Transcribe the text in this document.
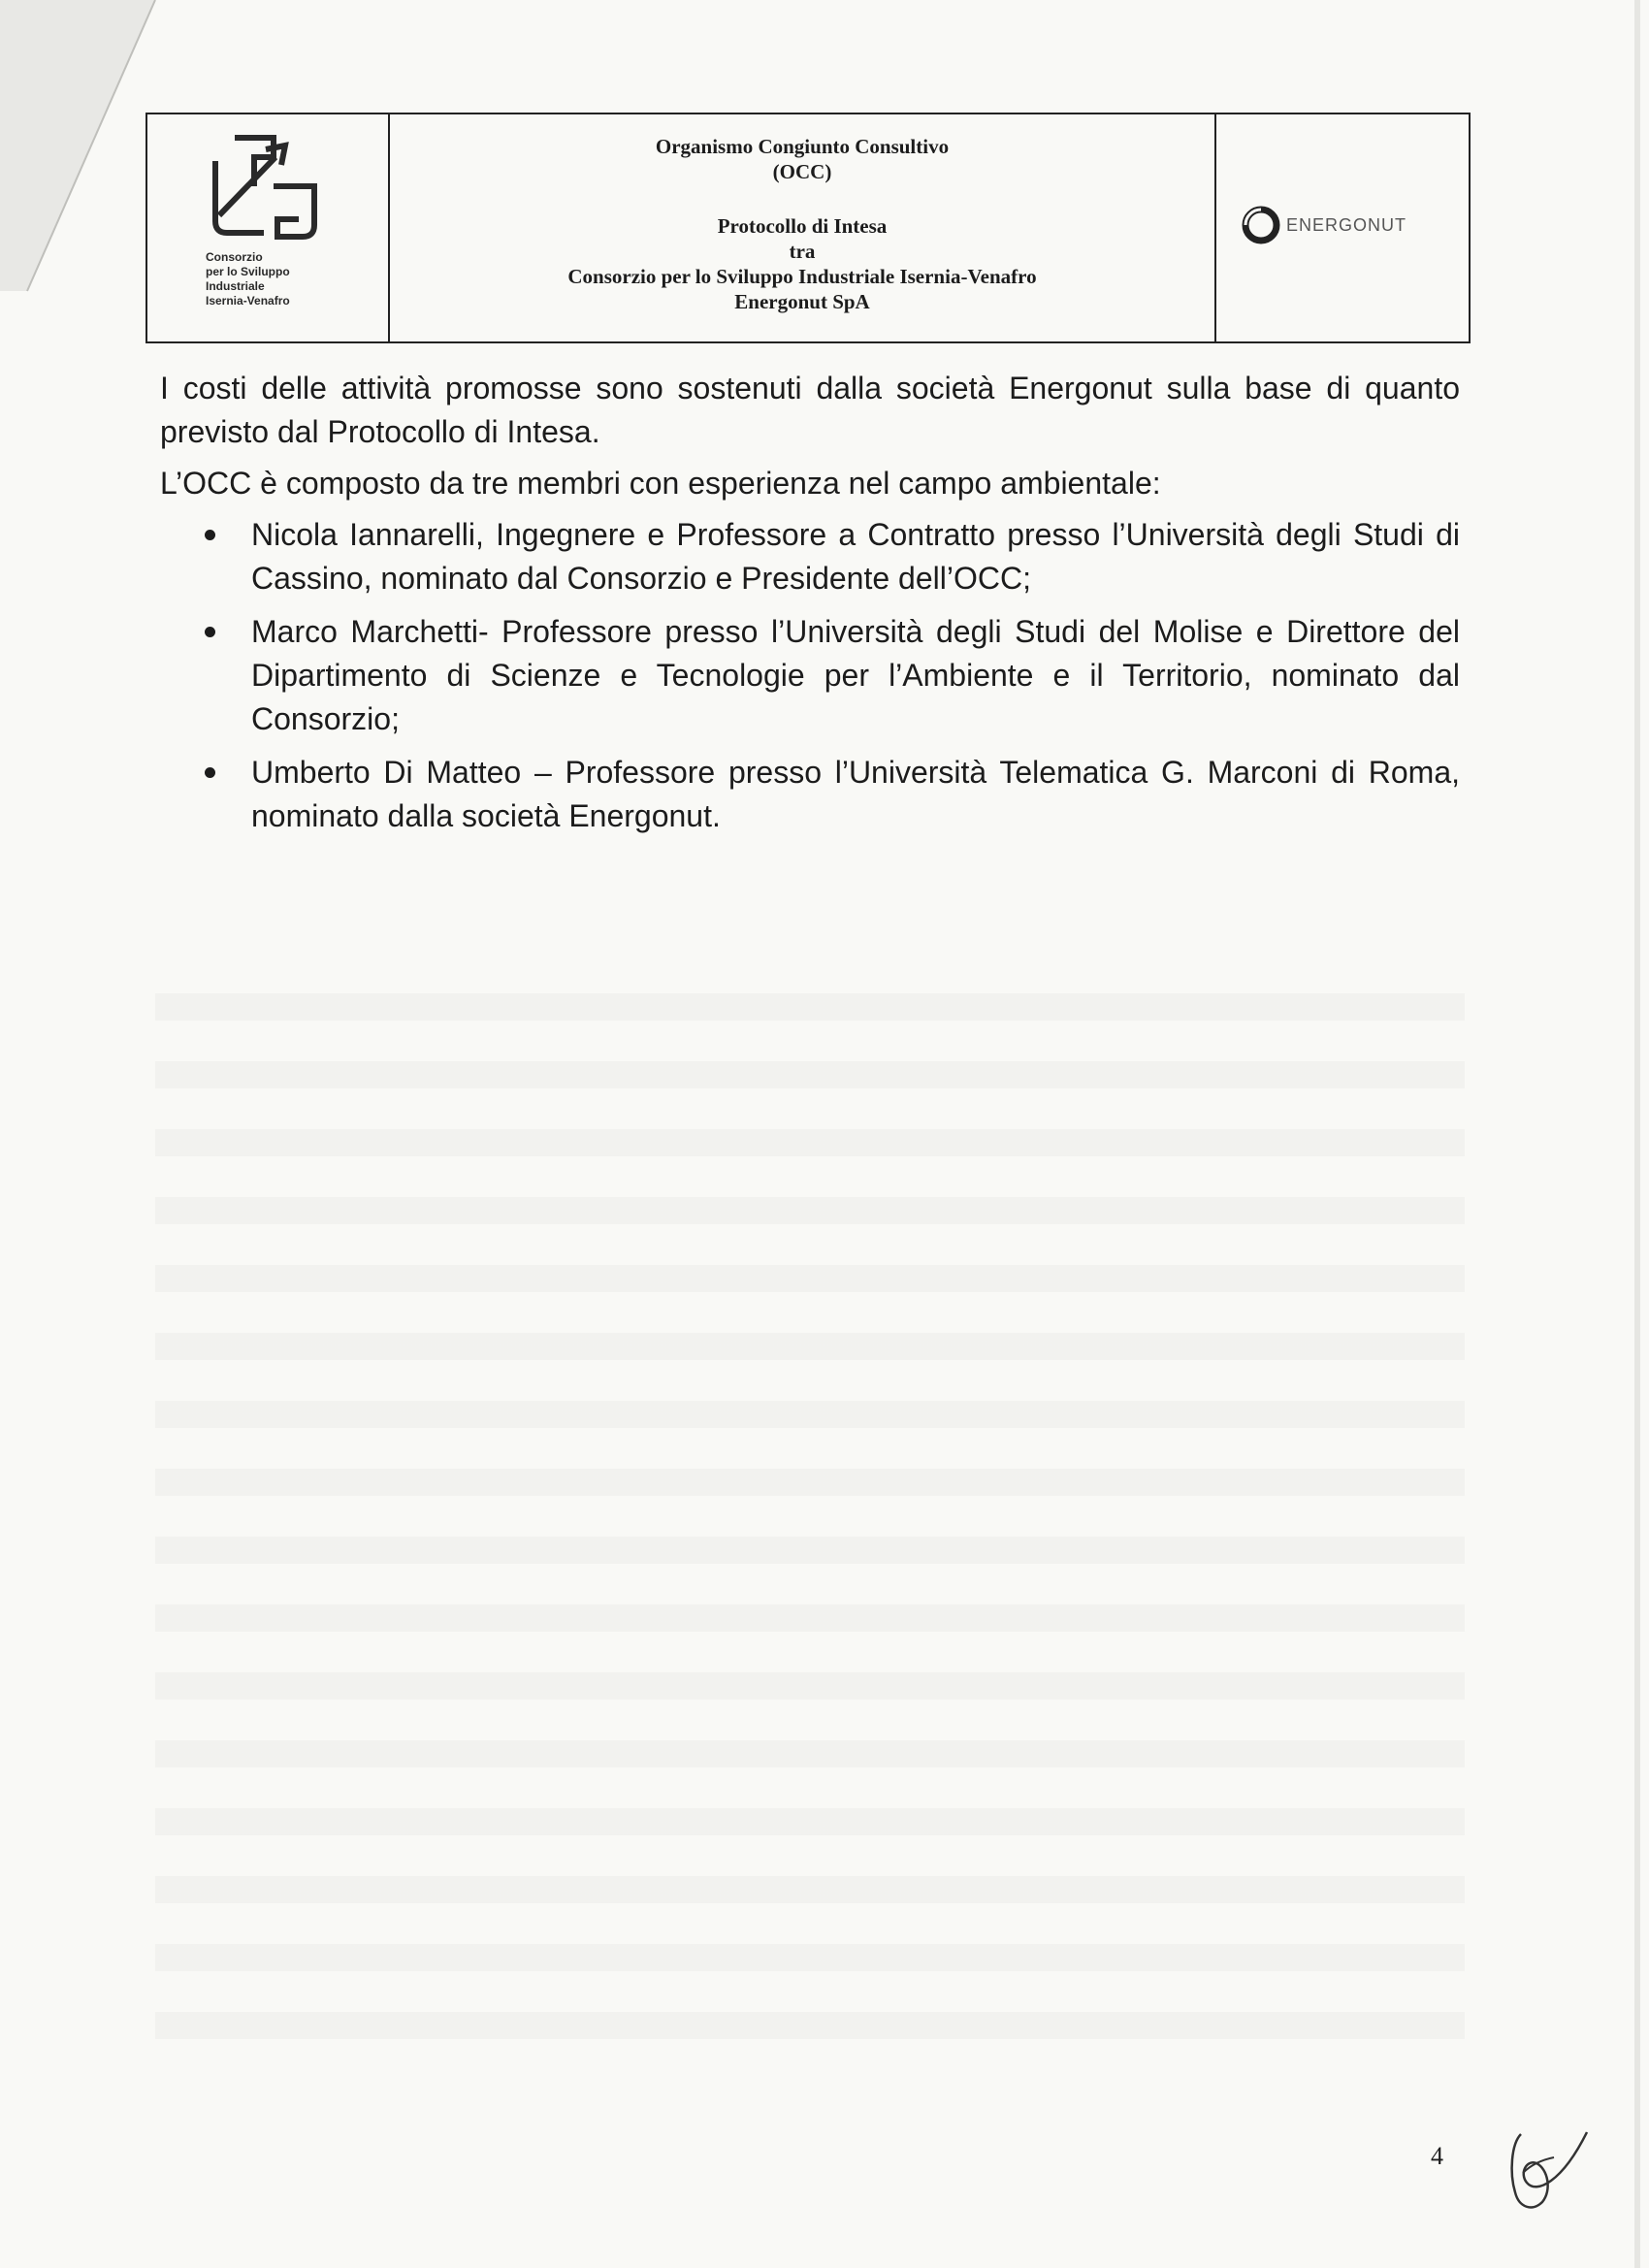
Consorzio
per lo Sviluppo
Industriale
Isernia-Venafro
Organismo Congiunto Consultivo
(OCC)
Protocollo di Intesa
tra
Consorzio per lo Sviluppo Industriale Isernia-Venafro
Energonut SpA
ENERGONUT

I costi delle attività promosse sono sostenuti dalla società Energonut sulla base di quanto previsto dal Protocollo di Intesa.

L’OCC è composto da tre membri con esperienza nel campo ambientale:

Nicola Iannarelli, Ingegnere e Professore a Contratto presso l’Università degli Studi di Cassino, nominato dal Consorzio e Presidente dell’OCC;
Marco Marchetti- Professore presso l’Università degli Studi del Molise e Direttore del Dipartimento di Scienze e Tecnologie per l’Ambiente e il Territorio, nominato dal Consorzio;
Umberto Di Matteo – Professore presso l’Università Telematica G. Marconi di Roma, nominato dalla società Energonut.
4
